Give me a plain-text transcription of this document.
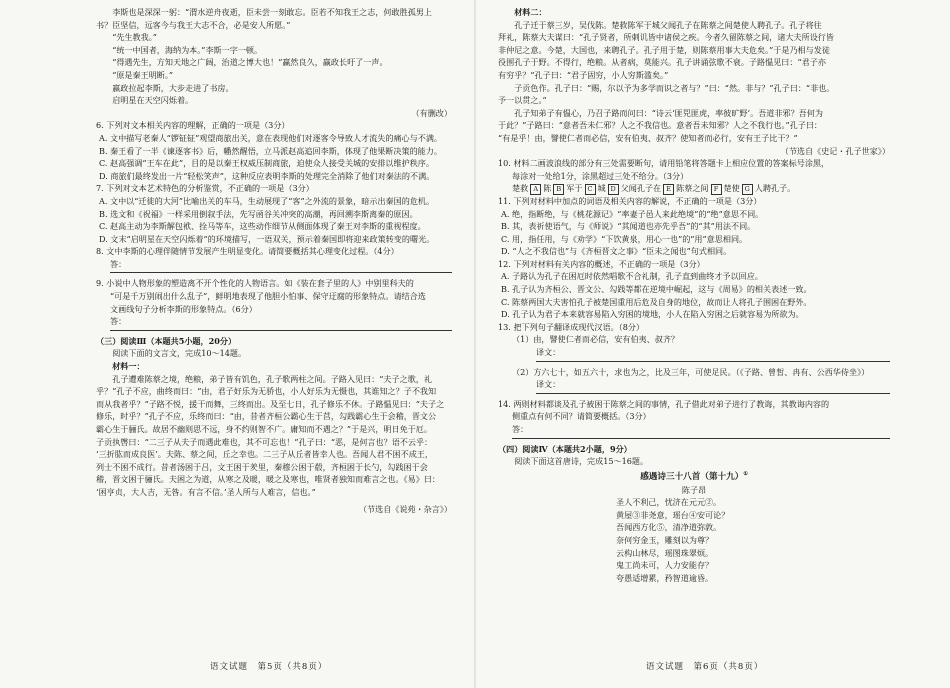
李斯也是深深一躬：“渭水逆舟夜逝，臣未尝一刻敢忘。臣若不知我王之志，何敢胜孤男上

书？臣坚信，远客今与我王大志不合，必是安人所愿。”

“先生教我。”

“统一中国者，海纳为本。”李斯一字一顿。

“得遇先生，方知天地之广阔，治道之博大也！”赢然良久，赢政长吁了一声。

“原是秦王明断。”

嬴政拉起李斯，大步走进了书房。

启明星在天空闪烁着。

（有删改）

6. 下列对文本相关内容的理解，正确的一项是（3分）

A. 文中描写老秦人“锣钲钲”观望商旅出关，意在表现他们对逐客令导致人才流失的痛心与不满。

B. 秦王看了一半《谏逐客书》后，幡然醒悟，立马派赵高追回李斯，体现了他果断决策的能力。

C. 赵高强调“王车在此”，目的是以秦王权威压制商旅，迫使众人接受关城的安排以维护秩序。

D. 商旅们最终发出一片“轻松笑声”，这种反应表明李斯的处理完全消除了他们对秦法的不满。

7. 下列对文本艺术特色的分析鉴赏，不正确的一项是（3分）

A. 文中以“迁徙的大河”比喻出关的车马，生动展现了“客”之外流的景象，暗示出秦国的危机。

B. 选文和《祝福》一样采用倒叙手法，先写函谷关冲突的高潮，再回溯李斯离秦的原因。

C. 赵高主动为李斯解包袱、拴马等车，这些动作细节从侧面体现了秦王对李斯的重视程度。

D. 文末“启明星在天空闪烁着”的环境描写，一语双关，预示着秦国即将迎来政策转变的曙光。

8. 文中李斯的心理伴随情节发展产生明显变化。请简要概括其心理变化过程。（4分）

答：

9. 小说中人物形象的塑造离不开个性化的人物语言。如《装在套子里的人》中别里科夫的

“可是千万别闹出什么乱子”，鲜明地表现了他胆小怕事、保守迂腐的形象特点。请结合选

文画线句子分析李斯的形象特点。（6分）

答：

（三）阅读Ⅲ（本题共5小题，20分）

阅读下面的文言文，完成10～14题。

材料一：

孔子遭难陈蔡之境，绝粮，弟子皆有饥色，孔子歌两柱之间。子路入见曰：“夫子之歌，礼

乎？”孔子不应，曲终而曰：“由，君子好乐为无骄也，小人好乐为无慑也，其谁知之？子不我知

而从我者乎？”子路不悦，援干而舞，三终而出。及至七日，孔子修乐不休。子路愠见曰：“夫子之

修乐，时乎？”孔子不应，乐终而曰：“由，昔者齐桓公霸心生于莒，勾践霸心生于会稽，晋文公

霸心生于骊氏。故居不幽则思不远，身不约则智不广。庸知而不遇之？”于是兴，明日免于厄。

子贡执辔曰：“二三子从夫子而遇此难也，其不可忘也！”孔子曰：“恶，是何言也？语不云乎：

‘三折肱而成良医’。夫陈、蔡之间，丘之幸也。二三子从丘者皆幸人也。吾闻人君不困不成王，

列士不困不成行。昔者汤困于吕，文王困于羑里，秦穆公困于殽，齐桓困于长勺，勾践困于会

稽，晋文困于骊氏。夫困之为道，从寒之及暖，暖之及寒也，唯贤者独知而难言之也。《易》曰：

‘困亨贞，大人吉，无咎。有言不信。’圣人所与人难言，信也。”

（节选自《说苑・杂言》）

语文试题　第5页（共8页）

材料二：

孔子迁于蔡三岁，吴伐陈。楚救陈军于城父闻孔子在陈蔡之间楚使人聘孔子。孔子将往

拜礼，陈蔡大夫谋曰：“孔子贤者，所刺讥皆中诸侯之疾。今者久留陈蔡之间，诸大夫所设行皆

非仲尼之意。今楚，大国也，来聘孔子。孔子用于楚，则陈蔡用事大夫危矣。”于是乃相与发徒

役围孔子于野。不得行，绝粮。从者病，莫能兴。孔子讲诵弦歌不衰。子路愠见曰：“君子亦

有穷乎？”孔子曰：“君子固穷，小人穷斯滥矣。”

子贡色作。孔子曰：“赐，尔以予为多学而识之者与？”曰：“然。非与？”孔子曰：“非也。

予一以贯之。”

孔子知弟子有愠心，乃召子路而问曰：“诗云‘匪兕匪虎，率彼旷野’。吾道非邪？吾何为

于此？”子路曰：“意者吾未仁邪？人之不我信也。意者吾未知邪？人之不我行也。”孔子曰：

“有是乎！由，譬使仁者而必信，安有伯夷、叔齐？使知者而必行，安有王子比干？”

（节选自《史记・孔子世家》）

10. 材料二画波浪线的部分有三处需要断句，请用铅笔将答题卡上相应位置的答案标号涂黑，

每涂对一处给1分，涂黑超过三处不给分。（3分）

楚救 A 陈 B 军于 C 城 D 父闻孔子在 E 陈蔡之间 F 楚使 G 人聘孔子。

11. 下列对材料中加点的词语及相关内容的解说，不正确的一项是（3分）

A. 绝，指断绝，与《桃花源记》“率妻子邑人来此绝境”的“绝”意思不同。

B. 其，表祈使语气，与《师说》“其闻道也亦先乎吾”的“其”用法不同。

C. 用，指任用，与《劝学》“下饮黄泉，用心一也”的“用”意思相同。

D. “人之不我信也”与《齐桓晋文之事》“臣未之闻也”句式相同。

12. 下列对材料有关内容的概述，不正确的一项是（3分）

A. 子路认为孔子在困厄时依然唱歌不合礼制，孔子直到曲终才予以回应。

B. 孔子认为齐桓公、晋文公、勾践等都在逆境中崛起，这与《周易》的相关表述一致。

C. 陈蔡两国大夫害怕孔子被楚国重用后危及自身的地位，故而让人将孔子围困在野外。

D. 孔子认为君子本来就容易陷入穷困的境地，小人在陷入穷困之后就容易为所欲为。

13. 把下列句子翻译成现代汉语。（8分）

（1）由，譬使仁者而必信，安有伯夷、叔齐？

译文：

（2）方六七十，如五六十，求也为之，比及三年，可使足民。（《子路、曾皙、冉有、公西华侍坐》）

译文：

14. 两则材料都谈及孔子被困于陈蔡之间的事情，孔子借此对弟子进行了教诲，其教诲内容的

侧重点有何不同？请简要概括。（3分）

答：

（四）阅读Ⅳ（本题共2小题，9分）

阅读下面这首唐诗，完成15～16题。

感遇诗三十八首（第十九）①

陈子昂

圣人不利己，忧济在元元②。

黄屋③非尧意，瑶台④安可论？

吾闻西方化⑤，清净道弥敦。

奈何穷金玉，雕刻以为尊？

云构山林尽，瑶图珠翠烦。

鬼工尚未可，人力安能存？

夸愚适增累，矜智道逾昏。

语文试题　第6页（共8页）
